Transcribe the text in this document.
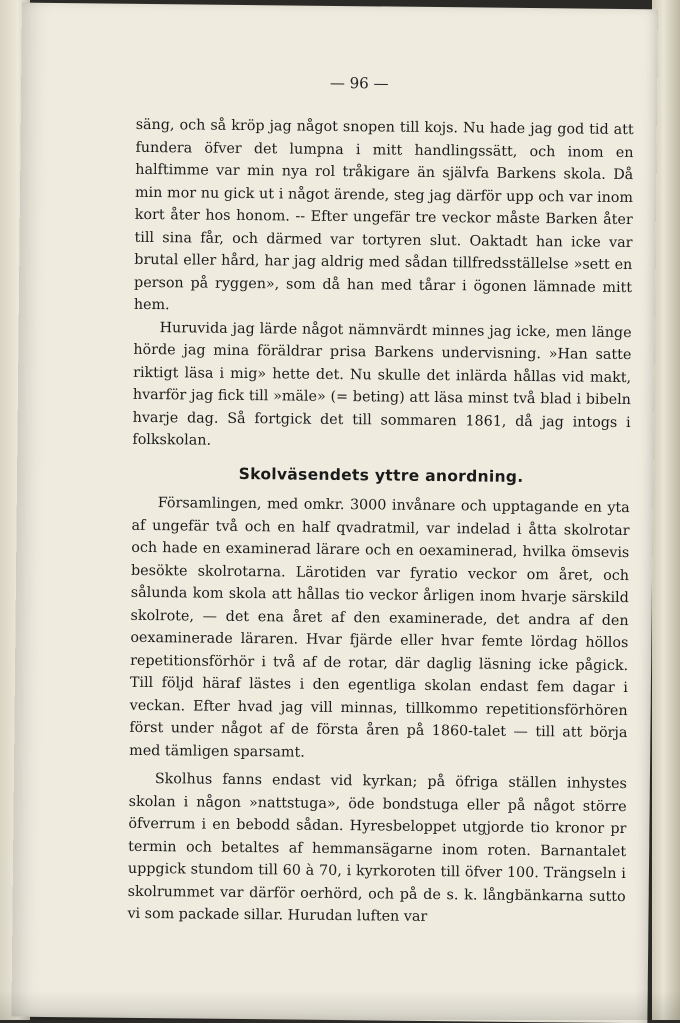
— 96 —

säng, och så kröp jag något snopen till kojs. Nu hade jag god tid att fundera öfver det lumpna i mitt handlingssätt, och inom en halftimme var min nya rol tråkigare än självfa Barkens skola. Då min mor nu gick ut i något ärende, steg jag därför upp och var inom kort åter hos honom. -- Efter ungefär tre veckor måste Barken åter till sina får, och därmed var tortyren slut. Oaktadt han icke var brutal eller hård, har jag aldrig med sådan tillfredsställelse »sett en person på ryggen», som då han med tårar i ögonen lämnade mitt hem.

Huruvida jag lärde något nämnvärdt minnes jag icke, men länge hörde jag mina föräldrar prisa Barkens undervisning. »Han satte riktigt läsa i mig» hette det. Nu skulle det inlärda hållas vid makt, hvarför jag fick till »mäle» (= beting) att läsa minst två blad i bibeln hvarje dag. Så fortgick det till sommaren 1861, då jag intogs i folkskolan.

Skolväsendets yttre anordning.

Församlingen, med omkr. 3000 invånare och upptagande en yta af ungefär två och en half qvadratmil, var indelad i åtta skolrotar och hade en examinerad lärare och en oexaminerad, hvilka ömsevis besökte skolrotarna. Lärotiden var fyratio veckor om året, och sålunda kom skola att hållas tio veckor årligen inom hvarje särskild skolrote, — det ena året af den examinerade, det andra af den oexaminerade läraren. Hvar fjärde eller hvar femte lördag höllos repetitionsförhör i två af de rotar, där daglig läsning icke pågick. Till följd häraf lästes i den egentliga skolan endast fem dagar i veckan. Efter hvad jag vill minnas, tillkommo repetitionsförhören först under något af de första åren på 1860-talet — till att börja med tämligen sparsamt.

Skolhus fanns endast vid kyrkan; på öfriga ställen inhystes skolan i någon »nattstuga», öde bondstuga eller på något större öfverrum i en bebodd sådan. Hyresbeloppet utgjorde tio kronor pr termin och betaltes af hemmansägarne inom roten. Barnantalet uppgick stundom till 60 à 70, i kyrkoroten till öfver 100. Trängseln i skolrummet var därför oerhörd, och på de s. k. långbänkarna sutto vi som packade sillar. Hurudan luften var
